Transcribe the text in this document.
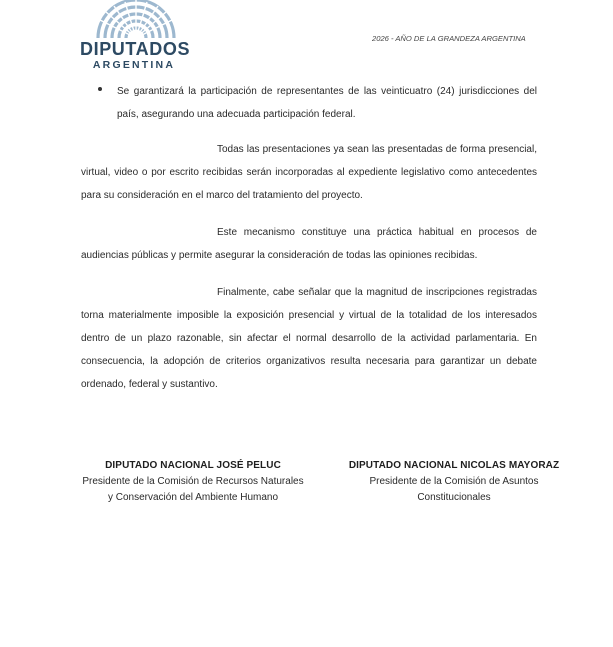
DIPUTADOS
ARGENTINA
2026 - AÑO DE LA GRANDEZA ARGENTINA
Se garantizará la participación de representantes de las veinticuatro (24) jurisdicciones del país, asegurando una adecuada participación federal.
Todas las presentaciones ya sean las presentadas de forma presencial, virtual, video o por escrito recibidas serán incorporadas al expediente legislativo como antecedentes para su consideración en el marco del tratamiento del proyecto.
Este mecanismo constituye una práctica habitual en procesos de audiencias públicas y permite asegurar la consideración de todas las opiniones recibidas.
Finalmente, cabe señalar que la magnitud de inscripciones registradas torna materialmente imposible la exposición presencial y virtual de la totalidad de los interesados dentro de un plazo razonable, sin afectar el normal desarrollo de la actividad parlamentaria. En consecuencia, la adopción de criterios organizativos resulta necesaria para garantizar un debate ordenado, federal y sustantivo.
DIPUTADO NACIONAL JOSÉ PELUC
Presidente de la Comisión de Recursos Naturales
y Conservación del Ambiente Humano
DIPUTADO NACIONAL NICOLAS MAYORAZ
Presidente de la Comisión de Asuntos
Constitucionales
